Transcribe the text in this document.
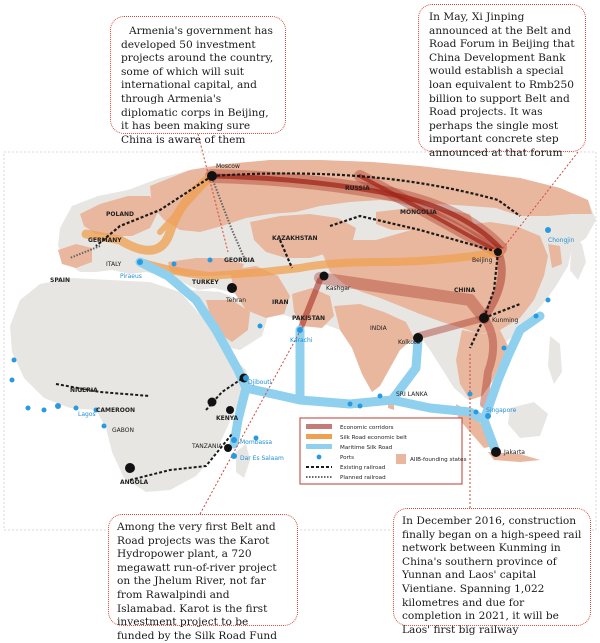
Moscow
RUSSIA
MONGOLIA
KAZAKHSTAN
Beijing
CHINA
Kunming
POLAND
GERMANY
ITALY
SPAIN
GEORGIA
TURKEY
Tehran	IRAN
Kashgar
PAKISTAN
Karachi
INDIA
Kolkota
SRI LANKA
Chongjin
Piraeus
Djibouti
NIGERIA
Lagos
CAMEROON
GABON
KENYA
Mombassa
TANZANIA
Dar Es Salaam
ANGOLA
Singapore
Jakarta
Economic corridors
Silk Road economic belt
Maritime Silk Road
Ports
Existing railroad
Planned railroad
AIIB-founding states
Armenia's government has developed 50 investment projects around the country, some of which will suit international capital, and through Armenia's diplomatic corps in Beijing, it has been making sure China is aware of them
In May, Xi Jinping announced at the Belt and Road Forum in Beijing that China Development Bank would establish a special loan equivalent to Rmb250 billion to support Belt and Road projects. It was perhaps the single most important concrete step announced at that forum
Among the very first Belt and Road projects was the Karot Hydropower plant, a 720 megawatt run-of-river project on the Jhelum River, not far from Rawalpindi and Islamabad. Karot is the first investment project to be funded by the Silk Road Fund
In December 2016, construction finally began on a high-speed rail network between Kunming in China's southern province of Yunnan and Laos' capital Vientiane. Spanning 1,022 kilometres and due for completion in 2021, it will be Laos' first big railway
